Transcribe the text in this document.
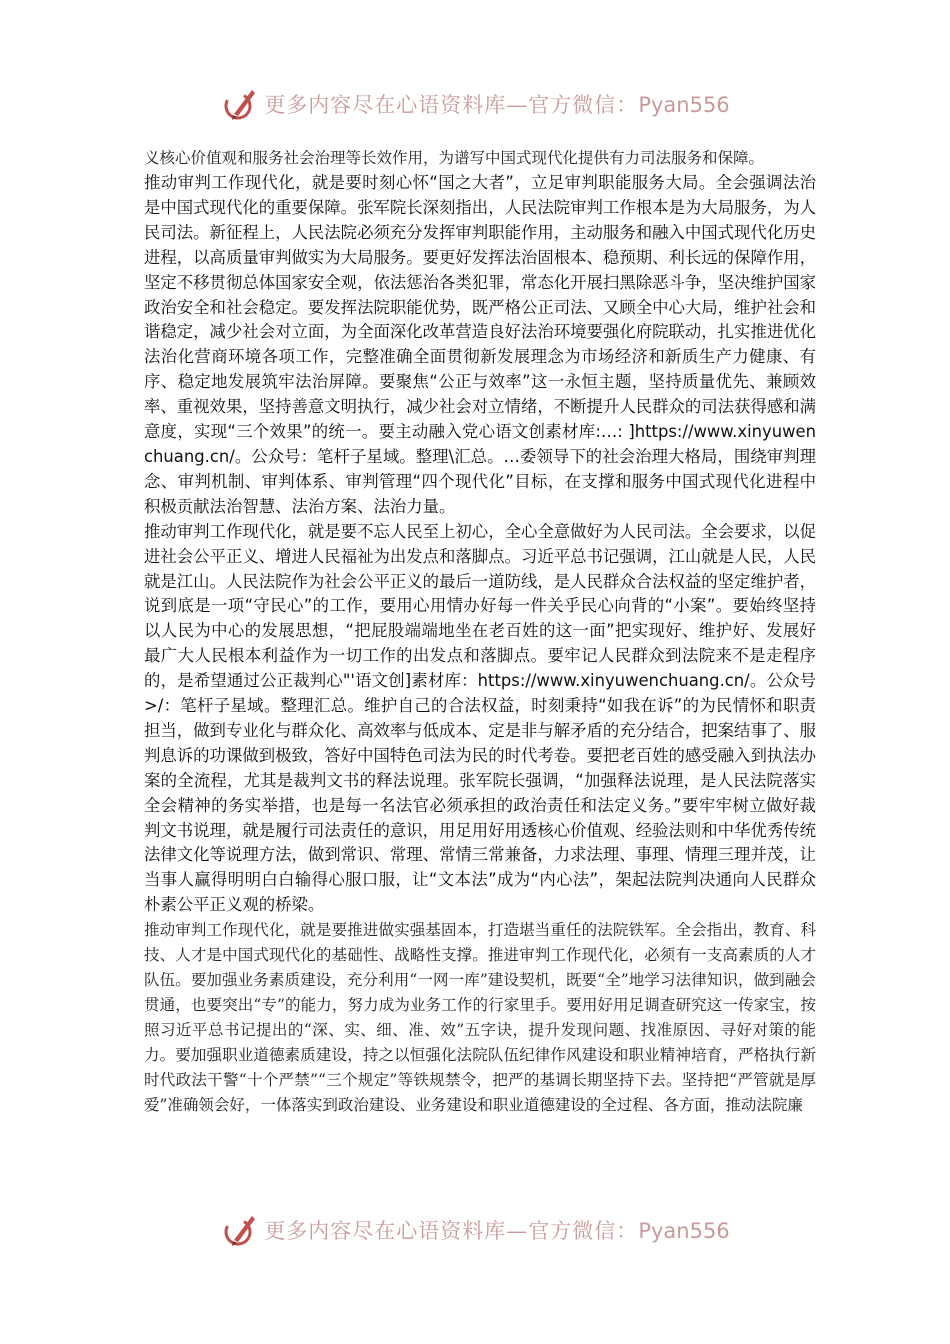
更多内容尽在心语资料库—官方微信：Pyan556

义核心价值观和服务社会治理等长效作用，为谱写中国式现代化提供有力司法服务和保障。

推动审判工作现代化，就是要时刻心怀“国之大者”，立足审判职能服务大局。全会强调法治是中国式现代化的重要保障。张军院长深刻指出，人民法院审判工作根本是为大局服务，为人民司法。新征程上，人民法院必须充分发挥审判职能作用，主动服务和融入中国式现代化历史进程，以高质量审判做实为大局服务。要更好发挥法治固根本、稳预期、利长远的保障作用，坚定不移贯彻总体国家安全观，依法惩治各类犯罪，常态化开展扫黑除恶斗争，坚决维护国家政治安全和社会稳定。要发挥法院职能优势，既严格公正司法、又顾全中心大局，维护社会和谐稳定，减少社会对立面，为全面深化改革营造良好法治环境要强化府院联动，扎实推进优化法治化营商环境各项工作，完整准确全面贯彻新发展理念为市场经济和新质生产力健康、有序、稳定地发展筑牢法治屏障。要聚焦“公正与效率”这一永恒主题，坚持质量优先、兼顾效率、重视效果，坚持善意文明执行，减少社会对立情绪，不断提升人民群众的司法获得感和满意度，实现“三个效果”的统一。要主动融入党心语文创素材库:…: ]https://www.xinyuwenchuang.cn/。公众号：笔杆子星域。整理\汇总。…委领导下的社会治理大格局，围绕审判理念、审判机制、审判体系、审判管理“四个现代化”目标，在支撑和服务中国式现代化进程中积极贡献法治智慧、法治方案、法治力量。

推动审判工作现代化，就是要不忘人民至上初心，全心全意做好为人民司法。全会要求，以促进社会公平正义、增进人民福祉为出发点和落脚点。习近平总书记强调，江山就是人民，人民就是江山。人民法院作为社会公平正义的最后一道防线，是人民群众合法权益的坚定维护者，说到底是一项“守民心”的工作，要用心用情办好每一件关乎民心向背的“小案”。要始终坚持以人民为中心的发展思想，“把屁股端端地坐在老百姓的这一面”把实现好、维护好、发展好最广大人民根本利益作为一切工作的出发点和落脚点。要牢记人民群众到法院来不是走程序的，是希望通过公正裁判心"'语文创]素材库：https://www.xinyuwenchuang.cn/。公众号>/：笔杆子星域。整理汇总。维护自己的合法权益，时刻秉持“如我在诉”的为民情怀和职责担当，做到专业化与群众化、高效率与低成本、定是非与解矛盾的充分结合，把案结事了、服判息诉的功课做到极致，答好中国特色司法为民的时代考卷。要把老百姓的感受融入到执法办案的全流程，尤其是裁判文书的释法说理。张军院长强调，“加强释法说理，是人民法院落实全会精神的务实举措，也是每一名法官必须承担的政治责任和法定义务。”要牢牢树立做好裁判文书说理，就是履行司法责任的意识，用足用好用透核心价值观、经验法则和中华优秀传统法律文化等说理方法，做到常识、常理、常情三常兼备，力求法理、事理、情理三理并茂，让当事人赢得明明白白输得心服口服，让“文本法”成为“内心法”，架起法院判决通向人民群众朴素公平正义观的桥梁。

推动审判工作现代化，就是要推进做实强基固本，打造堪当重任的法院铁军。全会指出，教育、科技、人才是中国式现代化的基础性、战略性支撑。推进审判工作现代化，必须有一支高素质的人才队伍。要加强业务素质建设，充分利用“一网一库”建设契机，既要“全”地学习法律知识，做到融会贯通，也要突出“专”的能力，努力成为业务工作的行家里手。要用好用足调查研究这一传家宝，按照习近平总书记提出的“深、实、细、准、效”五字诀，提升发现问题、找准原因、寻好对策的能力。要加强职业道德素质建设，持之以恒强化法院队伍纪律作风建设和职业精神培育，严格执行新时代政法干警“十个严禁”“三个规定”等铁规禁令，把严的基调长期坚持下去。坚持把“严管就是厚爱”准确领会好，一体落实到政治建设、业务建设和职业道德建设的全过程、各方面，推动法院廉

更多内容尽在心语资料库—官方微信：Pyan556
